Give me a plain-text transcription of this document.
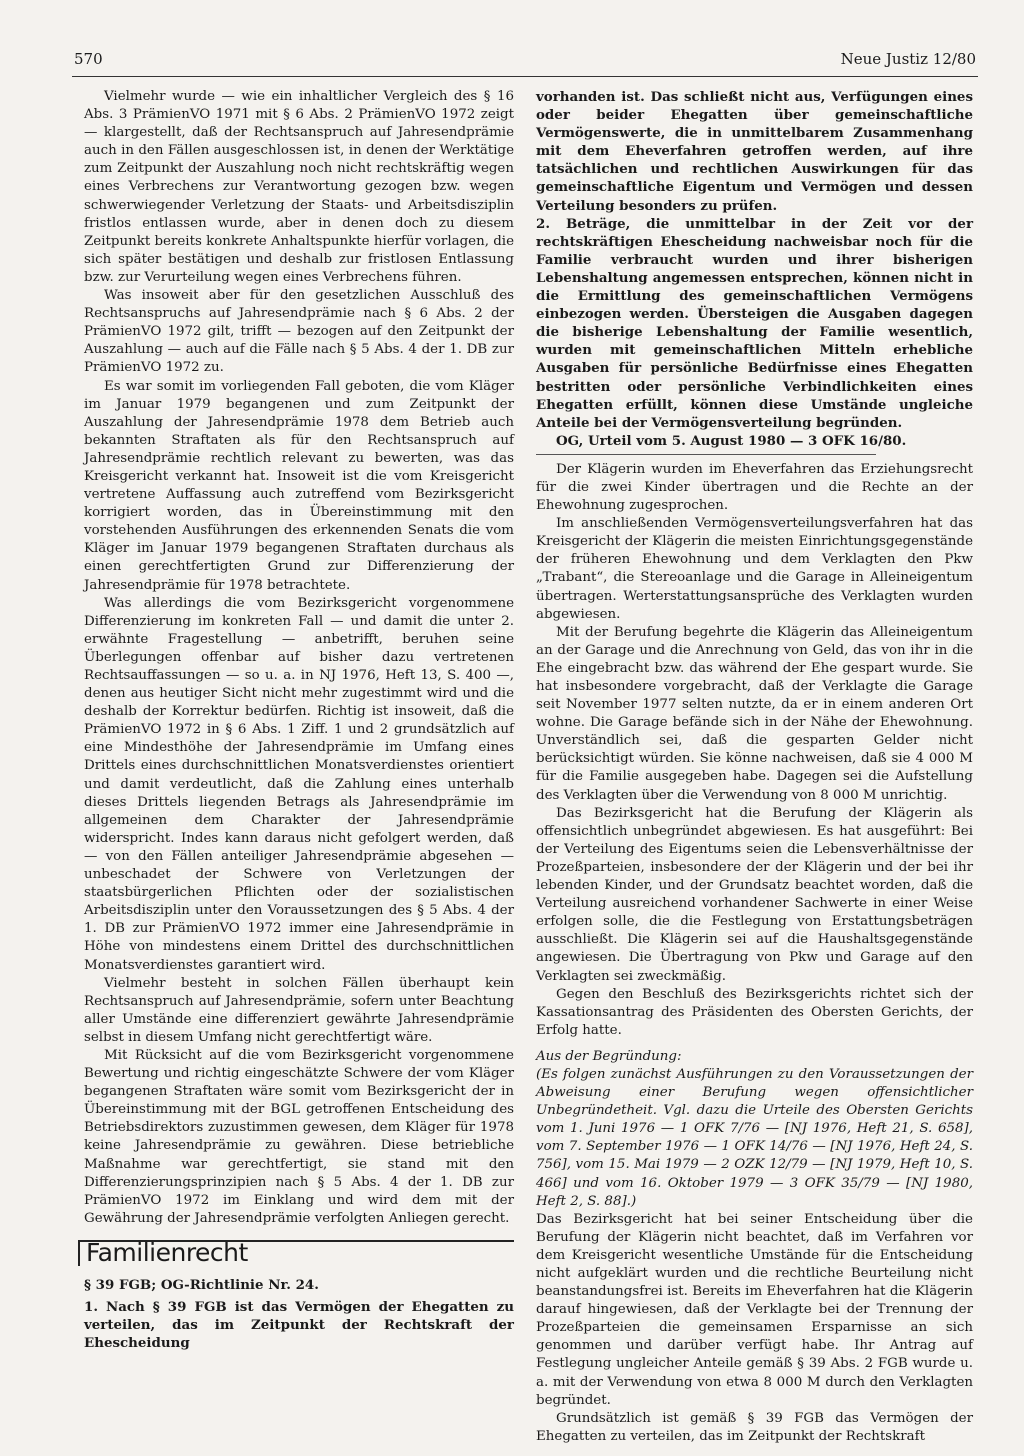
570	Neue Justiz 12/80

Vielmehr wurde — wie ein inhaltlicher Vergleich des § 16 Abs. 3 PrämienVO 1971 mit § 6 Abs. 2 PrämienVO 1972 zeigt — klargestellt, daß der Rechtsanspruch auf Jahresendprämie auch in den Fällen ausgeschlossen ist, in denen der Werktätige zum Zeitpunkt der Auszahlung noch nicht rechtskräftig wegen eines Verbrechens zur Verantwortung gezogen bzw. wegen schwerwiegender Verletzung der Staats- und Arbeitsdisziplin fristlos entlassen wurde, aber in denen doch zu diesem Zeitpunkt bereits konkrete Anhaltspunkte hierfür vorlagen, die sich später bestätigen und deshalb zur fristlosen Entlassung bzw. zur Verurteilung wegen eines Verbrechens führen.

Was insoweit aber für den gesetzlichen Ausschluß des Rechtsanspruchs auf Jahresendprämie nach § 6 Abs. 2 der PrämienVO 1972 gilt, trifft — bezogen auf den Zeitpunkt der Auszahlung — auch auf die Fälle nach § 5 Abs. 4 der 1. DB zur PrämienVO 1972 zu.

Es war somit im vorliegenden Fall geboten, die vom Kläger im Januar 1979 begangenen und zum Zeitpunkt der Auszahlung der Jahresendprämie 1978 dem Betrieb auch bekannten Straftaten als für den Rechtsanspruch auf Jahresendprämie rechtlich relevant zu bewerten, was das Kreisgericht verkannt hat. Insoweit ist die vom Kreisgericht vertretene Auffassung auch zutreffend vom Bezirksgericht korrigiert worden, das in Übereinstimmung mit den vorstehenden Ausführungen des erkennenden Senats die vom Kläger im Januar 1979 begangenen Straftaten durchaus als einen gerechtfertigten Grund zur Differenzierung der Jahresendprämie für 1978 betrachtete.

Was allerdings die vom Bezirksgericht vorgenommene Differenzierung im konkreten Fall — und damit die unter 2. erwähnte Fragestellung — anbetrifft, beruhen seine Überlegungen offenbar auf bisher dazu vertretenen Rechtsauffassungen — so u. a. in NJ 1976, Heft 13, S. 400 —, denen aus heutiger Sicht nicht mehr zugestimmt wird und die deshalb der Korrektur bedürfen. Richtig ist insoweit, daß die PrämienVO 1972 in § 6 Abs. 1 Ziff. 1 und 2 grundsätzlich auf eine Mindesthöhe der Jahresendprämie im Umfang eines Drittels eines durchschnittlichen Monatsverdienstes orientiert und damit verdeutlicht, daß die Zahlung eines unterhalb dieses Drittels liegenden Betrags als Jahresendprämie im allgemeinen dem Charakter der Jahresendprämie widerspricht. Indes kann daraus nicht gefolgert werden, daß — von den Fällen anteiliger Jahresendprämie abgesehen — unbeschadet der Schwere von Verletzungen der staatsbürgerlichen Pflichten oder der sozialistischen Arbeitsdisziplin unter den Voraussetzungen des § 5 Abs. 4 der 1. DB zur PrämienVO 1972 immer eine Jahresendprämie in Höhe von mindestens einem Drittel des durchschnittlichen Monatsverdienstes garantiert wird.

Vielmehr besteht in solchen Fällen überhaupt kein Rechtsanspruch auf Jahresendprämie, sofern unter Beachtung aller Umstände eine differenziert gewährte Jahresendprämie selbst in diesem Umfang nicht gerechtfertigt wäre.

Mit Rücksicht auf die vom Bezirksgericht vorgenommene Bewertung und richtig eingeschätzte Schwere der vom Kläger begangenen Straftaten wäre somit vom Bezirksgericht der in Übereinstimmung mit der BGL getroffenen Entscheidung des Betriebsdirektors zuzustimmen gewesen, dem Kläger für 1978 keine Jahresendprämie zu gewähren. Diese betriebliche Maßnahme war gerechtfertigt, sie stand mit den Differenzierungsprinzipien nach § 5 Abs. 4 der 1. DB zur PrämienVO 1972 im Einklang und wird dem mit der Gewährung der Jahresendprämie verfolgten Anliegen gerecht.

Familienrecht

§ 39 FGB; OG-Richtlinie Nr. 24.

1. Nach § 39 FGB ist das Vermögen der Ehegatten zu verteilen, das im Zeitpunkt der Rechtskraft der Ehescheidung

vorhanden ist. Das schließt nicht aus, Verfügungen eines oder beider Ehegatten über gemeinschaftliche Vermögenswerte, die in unmittelbarem Zusammenhang mit dem Eheverfahren getroffen werden, auf ihre tatsächlichen und rechtlichen Auswirkungen für das gemeinschaftliche Eigentum und Vermögen und dessen Verteilung besonders zu prüfen.

2. Beträge, die unmittelbar in der Zeit vor der rechtskräftigen Ehescheidung nachweisbar noch für die Familie verbraucht wurden und ihrer bisherigen Lebenshaltung angemessen entsprechen, können nicht in die Ermittlung des gemeinschaftlichen Vermögens einbezogen werden. Übersteigen die Ausgaben dagegen die bisherige Lebenshaltung der Familie wesentlich, wurden mit gemeinschaftlichen Mitteln erhebliche Ausgaben für persönliche Bedürfnisse eines Ehegatten bestritten oder persönliche Verbindlichkeiten eines Ehegatten erfüllt, können diese Umstände ungleiche Anteile bei der Vermögensverteilung begründen.

OG, Urteil vom 5. August 1980 — 3 OFK 16/80.

Der Klägerin wurden im Eheverfahren das Erziehungsrecht für die zwei Kinder übertragen und die Rechte an der Ehewohnung zugesprochen.

Im anschließenden Vermögensverteilungsverfahren hat das Kreisgericht der Klägerin die meisten Einrichtungsgegenstände der früheren Ehewohnung und dem Verklagten den Pkw „Trabant“, die Stereoanlage und die Garage in Alleineigentum übertragen. Werterstattungsansprüche des Verklagten wurden abgewiesen.

Mit der Berufung begehrte die Klägerin das Alleineigentum an der Garage und die Anrechnung von Geld, das von ihr in die Ehe eingebracht bzw. das während der Ehe gespart wurde. Sie hat insbesondere vorgebracht, daß der Verklagte die Garage seit November 1977 selten nutzte, da er in einem anderen Ort wohne. Die Garage befände sich in der Nähe der Ehewohnung. Unverständlich sei, daß die gesparten Gelder nicht berücksichtigt würden. Sie könne nachweisen, daß sie 4 000 M für die Familie ausgegeben habe. Dagegen sei die Aufstellung des Verklagten über die Verwendung von 8 000 M unrichtig.

Das Bezirksgericht hat die Berufung der Klägerin als offensichtlich unbegründet abgewiesen. Es hat ausgeführt: Bei der Verteilung des Eigentums seien die Lebensverhältnisse der Prozeßparteien, insbesondere der der Klägerin und der bei ihr lebenden Kinder, und der Grundsatz beachtet worden, daß die Verteilung ausreichend vorhandener Sachwerte in einer Weise erfolgen solle, die die Festlegung von Erstattungsbeträgen ausschließt. Die Klägerin sei auf die Haushaltsgegenstände angewiesen. Die Übertragung von Pkw und Garage auf den Verklagten sei zweckmäßig.

Gegen den Beschluß des Bezirksgerichts richtet sich der Kassationsantrag des Präsidenten des Obersten Gerichts, der Erfolg hatte.

Aus der Begründung:

(Es folgen zunächst Ausführungen zu den Voraussetzungen der Abweisung einer Berufung wegen offensichtlicher Unbegründetheit. Vgl. dazu die Urteile des Obersten Gerichts vom 1. Juni 1976 — 1 OFK 7/76 — [NJ 1976, Heft 21, S. 658], vom 7. September 1976 — 1 OFK 14/76 — [NJ 1976, Heft 24, S. 756], vom 15. Mai 1979 — 2 OZK 12/79 — [NJ 1979, Heft 10, S. 466] und vom 16. Oktober 1979 — 3 OFK 35/79 — [NJ 1980, Heft 2, S. 88].)

Das Bezirksgericht hat bei seiner Entscheidung über die Berufung der Klägerin nicht beachtet, daß im Verfahren vor dem Kreisgericht wesentliche Umstände für die Entscheidung nicht aufgeklärt wurden und die rechtliche Beurteilung nicht beanstandungsfrei ist. Bereits im Eheverfahren hat die Klägerin darauf hingewiesen, daß der Verklagte bei der Trennung der Prozeßparteien die gemeinsamen Ersparnisse an sich genommen und darüber verfügt habe. Ihr Antrag auf Festlegung ungleicher Anteile gemäß § 39 Abs. 2 FGB wurde u. a. mit der Verwendung von etwa 8 000 M durch den Verklagten begründet.

Grundsätzlich ist gemäß § 39 FGB das Vermögen der Ehegatten zu verteilen, das im Zeitpunkt der Rechtskraft
